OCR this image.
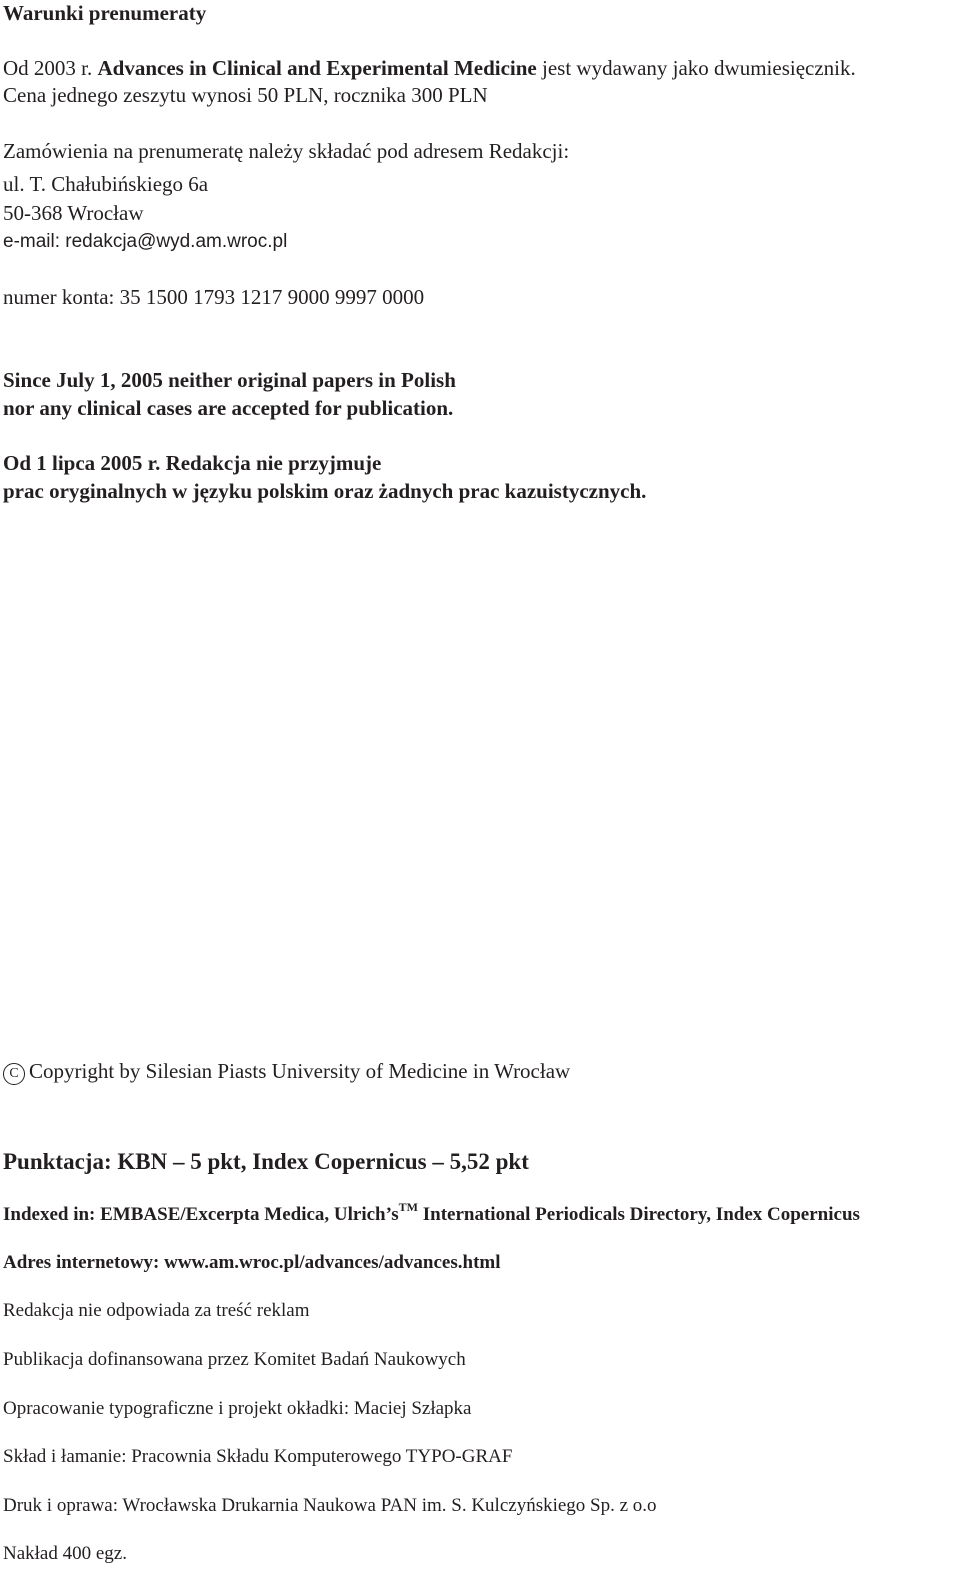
Warunki prenumeraty
Od 2003 r. Advances in Clinical and Experimental Medicine jest wydawany jako dwumiesięcznik.
Cena jednego zeszytu wynosi 50 PLN, rocznika 300 PLN
Zamówienia na prenumeratę należy składać pod adresem Redakcji:
ul. T. Chałubińskiego 6a
50-368 Wrocław
e-mail: redakcja@wyd.am.wroc.pl
numer konta: 35 1500 1793 1217 9000 9997 0000
Since July 1, 2005 neither original papers in Polish
nor any clinical cases are accepted for publication.
Od 1 lipca 2005 r. Redakcja nie przyjmuje
prac oryginalnych w języku polskim oraz żadnych prac kazuistycznych.
C Copyright by Silesian Piasts University of Medicine in Wrocław
Punktacja: KBN – 5 pkt, Index Copernicus – 5,52 pkt
Indexed in: EMBASE/Excerpta Medica, Ulrich’s™ International Periodicals Directory, Index Copernicus
Adres internetowy: www.am.wroc.pl/advances/advances.html
Redakcja nie odpowiada za treść reklam
Publikacja dofinansowana przez Komitet Badań Naukowych
Opracowanie typograficzne i projekt okładki: Maciej Szłapka
Skład i łamanie: Pracownia Składu Komputerowego TYPO-GRAF
Druk i oprawa: Wrocławska Drukarnia Naukowa PAN im. S. Kulczyńskiego Sp. z o.o
Nakład 400 egz.
